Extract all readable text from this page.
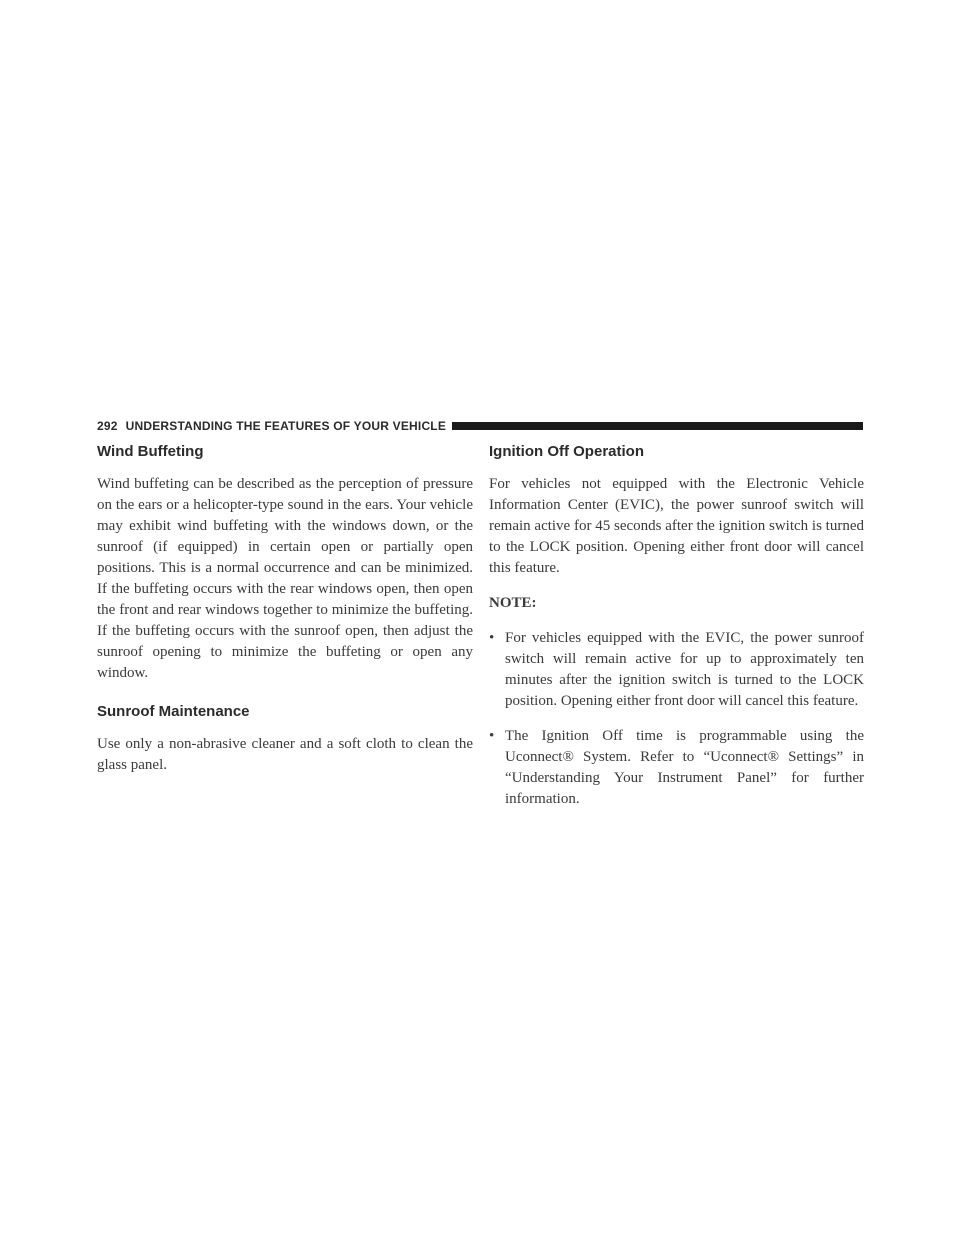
292 UNDERSTANDING THE FEATURES OF YOUR VEHICLE
Wind Buffeting

Wind buffeting can be described as the perception of pressure on the ears or a helicopter-type sound in the ears. Your vehicle may exhibit wind buffeting with the windows down, or the sunroof (if equipped) in certain open or partially open positions. This is a normal occurrence and can be minimized. If the buffeting occurs with the rear windows open, then open the front and rear windows together to minimize the buffeting. If the buffeting occurs with the sunroof open, then adjust the sunroof opening to minimize the buffeting or open any window.

Sunroof Maintenance

Use only a non-abrasive cleaner and a soft cloth to clean the glass panel.

Ignition Off Operation

For vehicles not equipped with the Electronic Vehicle Information Center (EVIC), the power sunroof switch will remain active for 45 seconds after the ignition switch is turned to the LOCK position. Opening either front door will cancel this feature.

NOTE:
• For vehicles equipped with the EVIC, the power sunroof switch will remain active for up to approximately ten minutes after the ignition switch is turned to the LOCK position. Opening either front door will cancel this feature.
• The Ignition Off time is programmable using the Uconnect® System. Refer to “Uconnect® Settings” in “Understanding Your Instrument Panel” for further information.
